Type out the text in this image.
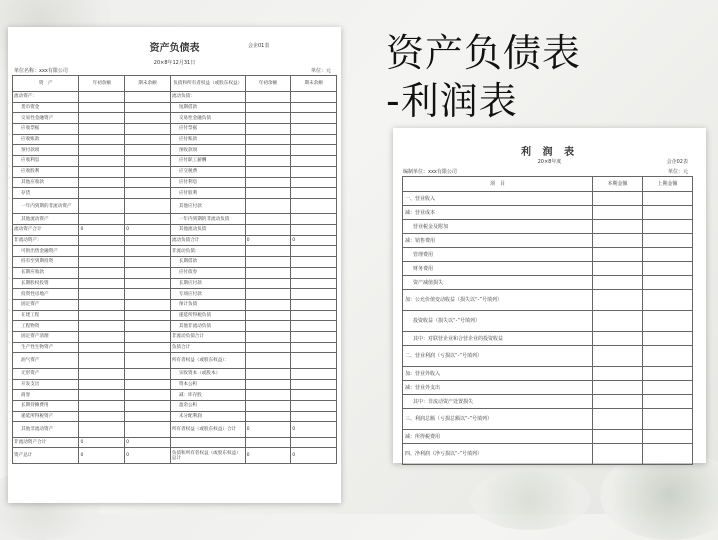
资产负债表
-利润表
资产负债表	会企01表
20×8年12月31日
单位名称：xxx有限公司	单位：元
资　产	年初余额	期末余额	负债和所有者权益（或股东权益）	年初余额	期末余额
流动资产：			流动负债：		
货币资金			短期借款		
交易性金融资产			交易性金融负债		
应收票据			应付票据		
应收账款			应付账款		
预付款项			预收款项		
应收利息			应付职工薪酬		
应收股利			应交税费		
其他应收款			应付利息		
存货			应付股利		
一年内到期的非流动资产			其他应付款		
其他流动资产			一年内到期的非流动负债		
流动资产合计	0	0	其他流动负债		
非流动资产：			流动负债合计	0	0
可供出售金融资产			非流动负债：		
持有至到期投资			长期借款		
长期应收款			应付债券		
长期股权投资			长期应付款		
投资性房地产			专项应付款		
固定资产			预计负债		
在建工程			递延所得税负债		
工程物资			其他非流动负债		
固定资产清理			非流动负债合计		
生产性生物资产			负债合计		
油气资产			所有者权益（或股东权益）：		
无形资产			实收资本（或股本）		
开发支出			资本公积		
商誉			减：库存股		
长期待摊费用			盈余公积		
递延所得税资产			未分配利润		
其他非流动资产			所有者权益（或股东权益）合计	0	0
非流动资产合计	0	0			
资产总计	0	0	负债和所有者权益（或股东权益）总计	0	0
利 润 表
20×8年度	会企02表
编制单位：xxx有限公司	单位：元
项　目	本期金额	上期金额
一、营业收入		
减：营业成本		
营业税金及附加		
减：销售费用		
管理费用		
财务费用		
资产减值损失		
加：公允价值变动收益（损失以“-”号填列）		
投资收益（损失以“-”号填列）		
其中：对联营企业和合营企业的投资收益		
二、营业利润（亏损以“-”号填列）		
加：营业外收入		
减：营业外支出		
其中：非流动资产处置损失		
三、利润总额（亏损总额以“-”号填列）		
减：所得税费用		
四、净利润（净亏损以“-”号填列）		
